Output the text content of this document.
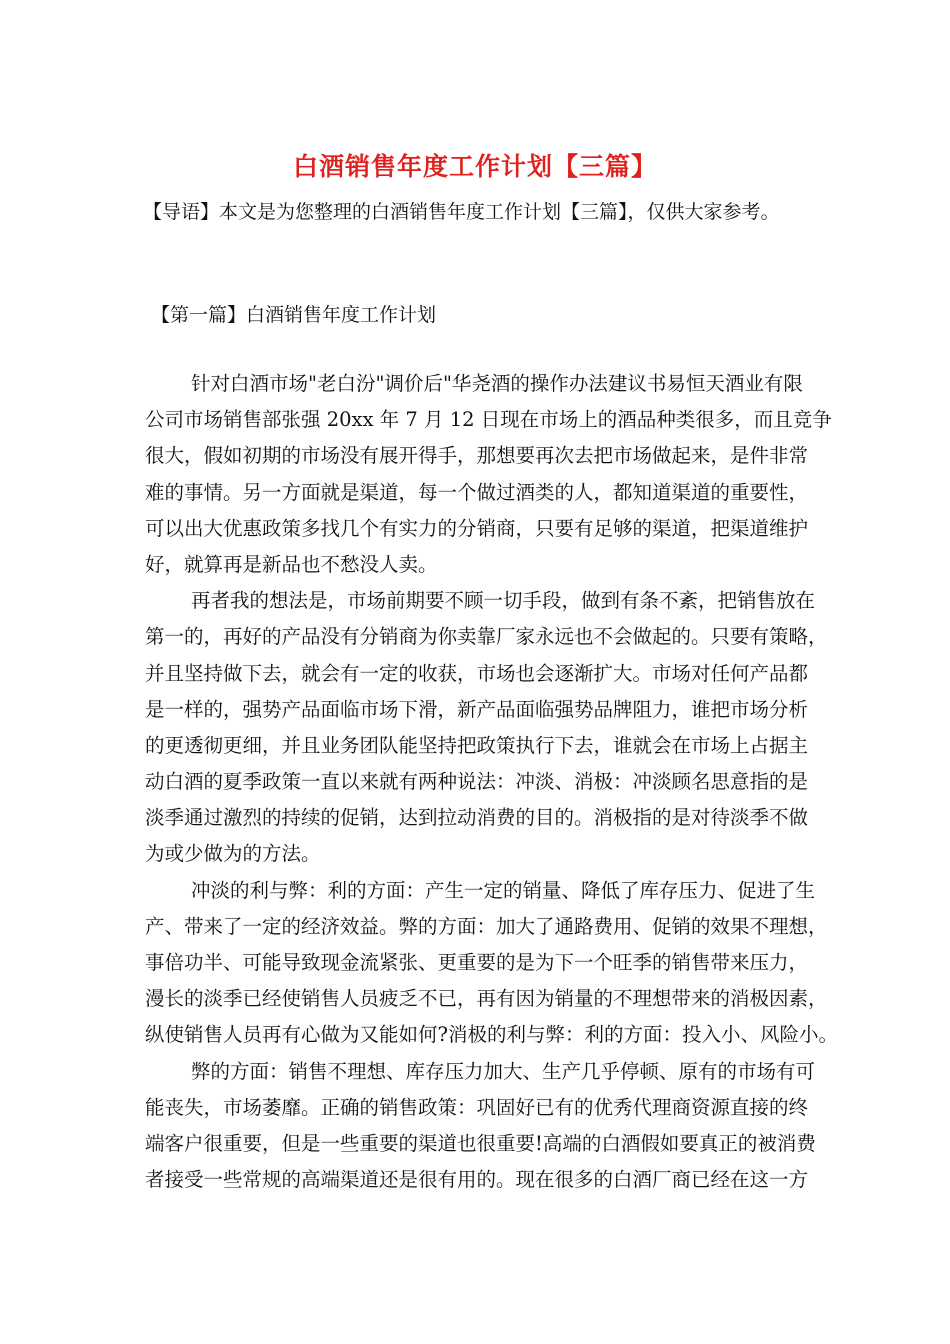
白酒销售年度工作计划【三篇】
【导语】本文是为您整理的白酒销售年度工作计划【三篇】，仅供大家参考。
【第一篇】白酒销售年度工作计划
针对白酒市场"老白汾"调价后"华尧酒的操作办法建议书易恒天酒业有限
公司市场销售部张强 20xx 年 7 月 12 日现在市场上的酒品种类很多，而且竞争
很大，假如初期的市场没有展开得手，那想要再次去把市场做起来，是件非常
难的事情。另一方面就是渠道，每一个做过酒类的人，都知道渠道的重要性，
可以出大优惠政策多找几个有实力的分销商，只要有足够的渠道，把渠道维护
好，就算再是新品也不愁没人卖。
再者我的想法是，市场前期要不顾一切手段，做到有条不紊，把销售放在
第一的，再好的产品没有分销商为你卖靠厂家永远也不会做起的。只要有策略，
并且坚持做下去，就会有一定的收获，市场也会逐渐扩大。市场对任何产品都
是一样的，强势产品面临市场下滑，新产品面临强势品牌阻力，谁把市场分析
的更透彻更细，并且业务团队能坚持把政策执行下去，谁就会在市场上占据主
动白酒的夏季政策一直以来就有两种说法：冲淡、消极：冲淡顾名思意指的是
淡季通过激烈的持续的促销，达到拉动消费的目的。消极指的是对待淡季不做
为或少做为的方法。
冲淡的利与弊：利的方面：产生一定的销量、降低了库存压力、促进了生
产、带来了一定的经济效益。弊的方面：加大了通路费用、促销的效果不理想，
事倍功半、可能导致现金流紧张、更重要的是为下一个旺季的销售带来压力，
漫长的淡季已经使销售人员疲乏不已，再有因为销量的不理想带来的消极因素，
纵使销售人员再有心做为又能如何?消极的利与弊：利的方面：投入小、风险小。
弊的方面：销售不理想、库存压力加大、生产几乎停顿、原有的市场有可
能丧失，市场萎靡。正确的销售政策：巩固好已有的优秀代理商资源直接的终
端客户很重要，但是一些重要的渠道也很重要!高端的白酒假如要真正的被消费
者接受一些常规的高端渠道还是很有用的。现在很多的白酒厂商已经在这一方
